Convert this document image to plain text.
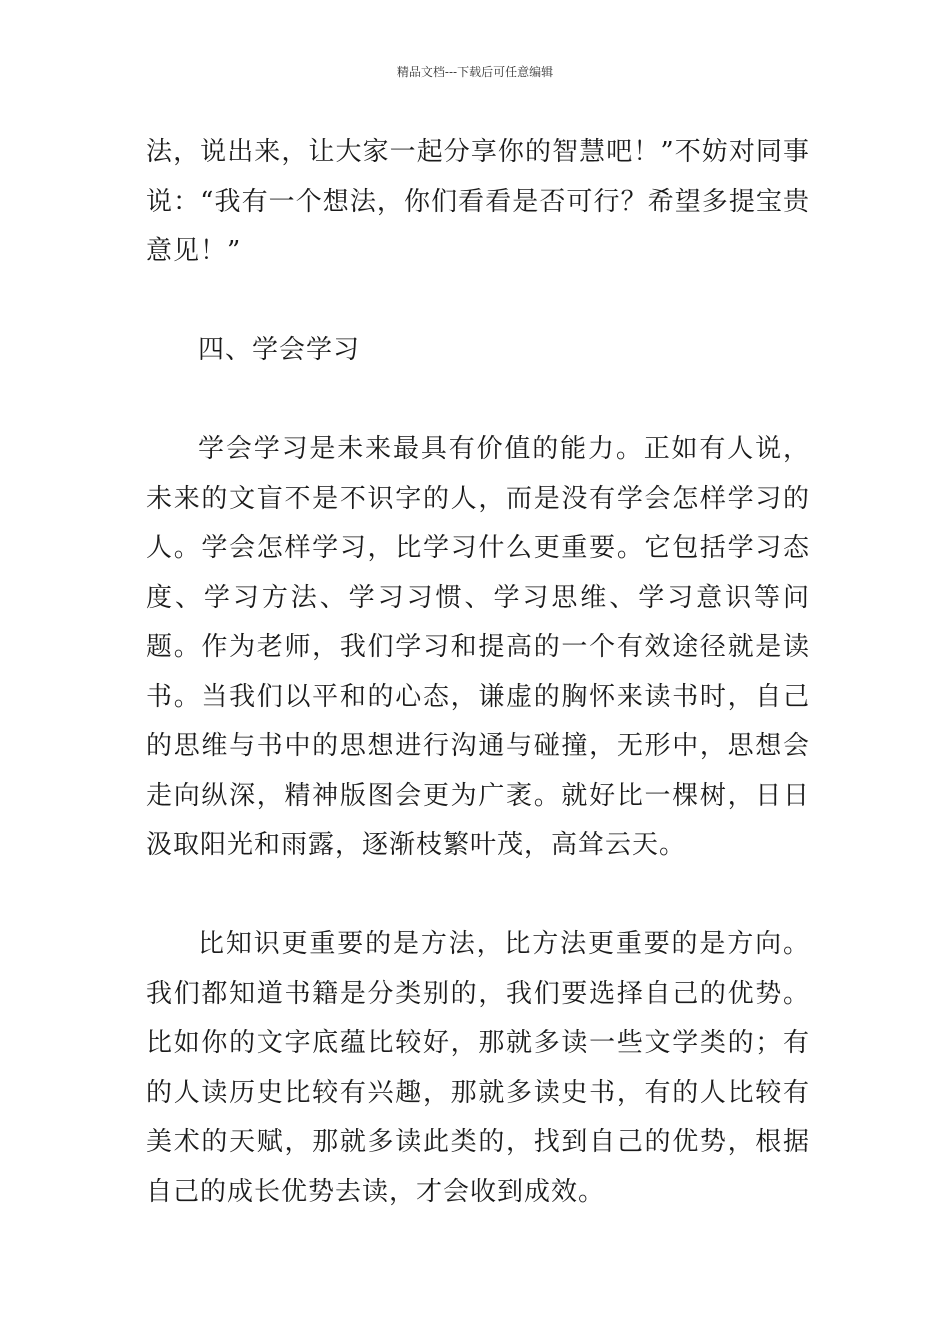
精品文档---下载后可任意编辑

法，说出来，让大家一起分享你的智慧吧！”不妨对同事说：“我有一个想法，你们看看是否可行？希望多提宝贵意见！”

四、学会学习

学会学习是未来最具有价值的能力。正如有人说，未来的文盲不是不识字的人，而是没有学会怎样学习的人。学会怎样学习，比学习什么更重要。它包括学习态度、学习方法、学习习惯、学习思维、学习意识等问题。作为老师，我们学习和提高的一个有效途径就是读书。当我们以平和的心态，谦虚的胸怀来读书时，自己的思维与书中的思想进行沟通与碰撞，无形中，思想会走向纵深，精神版图会更为广袤。就好比一棵树，日日汲取阳光和雨露，逐渐枝繁叶茂，高耸云天。

比知识更重要的是方法，比方法更重要的是方向。我们都知道书籍是分类别的，我们要选择自己的优势。比如你的文字底蕴比较好，那就多读一些文学类的；有的人读历史比较有兴趣，那就多读史书，有的人比较有美术的天赋，那就多读此类的，找到自己的优势，根据自己的成长优势去读，才会收到成效。
